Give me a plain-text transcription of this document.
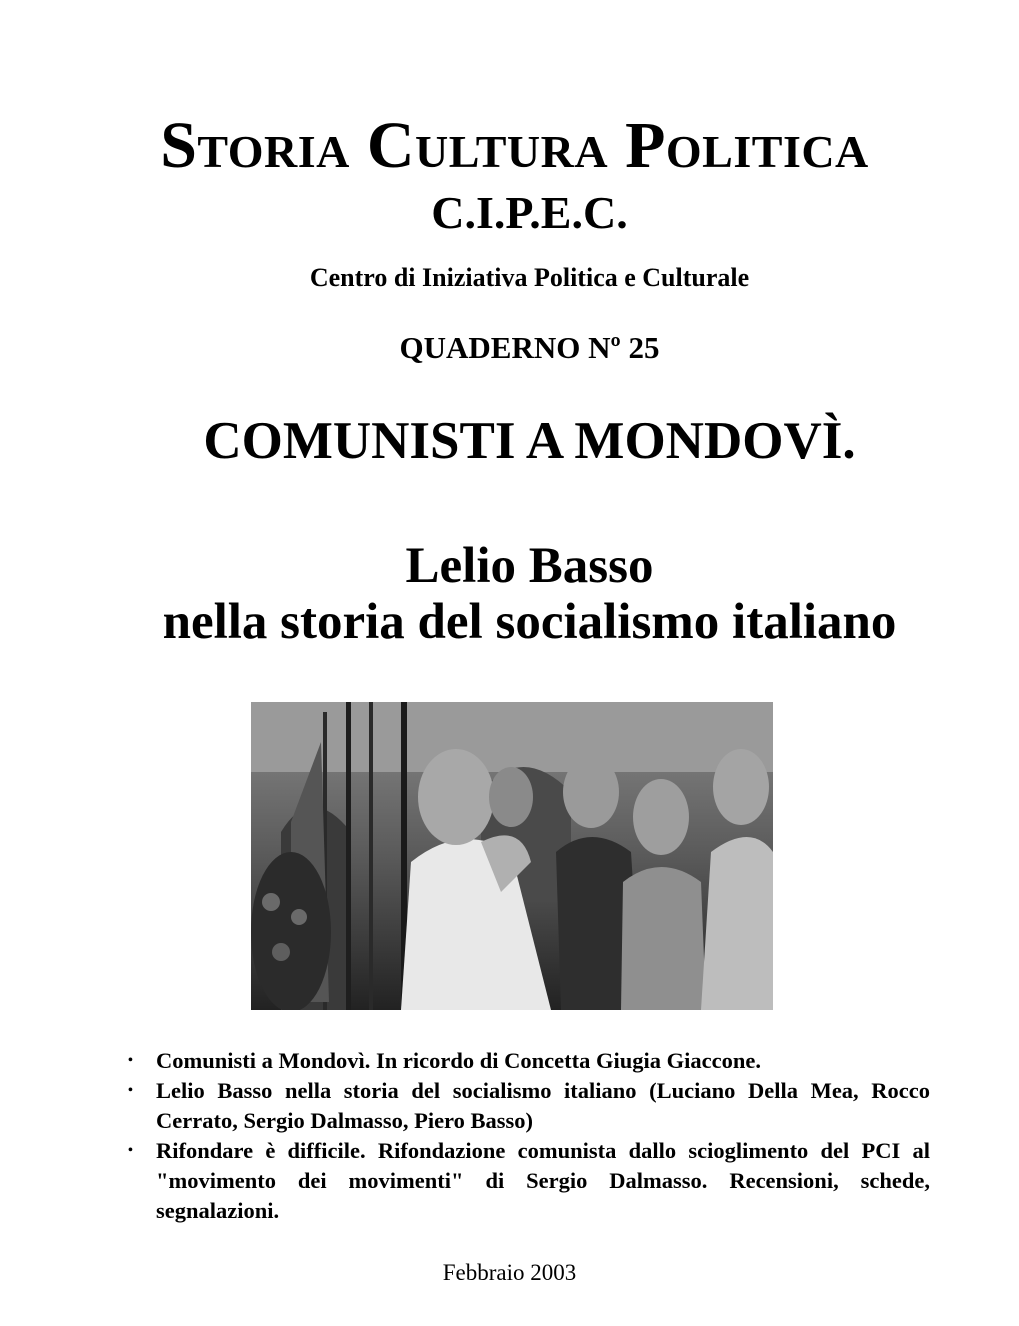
Storia Cultura Politica
C.I.P.E.C.
Centro di Iniziativa Politica e Culturale
QUADERNO Nº 25
COMUNISTI A MONDOVÌ.
Lelio Basso
nella storia del socialismo italiano
• Comunisti a Mondovì. In ricordo di Concetta Giugia Giaccone.
• Lelio Basso nella storia del socialismo italiano (Luciano Della Mea, Rocco Cerrato, Sergio Dalmasso, Piero Basso)
• Rifondare è difficile. Rifondazione comunista dallo scioglimento del PCI al "movimento dei movimenti" di Sergio Dalmasso. Recensioni, schede, segnalazioni.
Febbraio 2003
